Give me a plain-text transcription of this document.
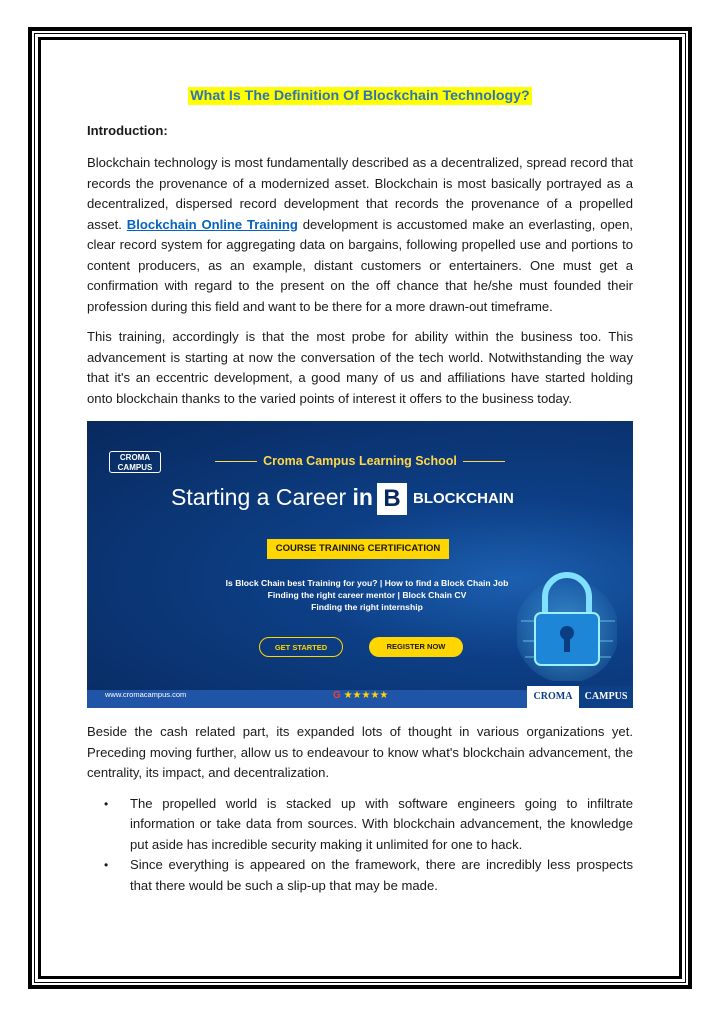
What Is The Definition Of Blockchain Technology?
Introduction:

Blockchain technology is most fundamentally described as a decentralized, spread record that records the provenance of a modernized asset. Blockchain is most basically portrayed as a decentralized, dispersed record development that records the provenance of a propelled asset. Blockchain Online Training development is accustomed make an everlasting, open, clear record system for aggregating data on bargains, following propelled use and portions to content producers, as an example, distant customers or entertainers. One must get a confirmation with regard to the present on the off chance that he/she must founded their profession during this field and want to be there for a more drawn-out timeframe.

This training, accordingly is that the most probe for ability within the business too. This advancement is starting at now the conversation of the tech world. Notwithstanding the way that it's an eccentric development, a good many of us and affiliations have started holding onto blockchain thanks to the varied points of interest it offers to the business today.

CROMA CAMPUS	Croma Campus Learning School
Starting a Career in B BLOCKCHAIN
COURSE TRAINING CERTIFICATION
Is Block Chain best Training for you? | How to find a Block Chain Job
Finding the right career mentor | Block Chain CV
Finding the right internship
GET STARTED	REGISTER NOW
www.cromacampus.com	G ★★★★★	CROMA	CAMPUS

Beside the cash related part, its expanded lots of thought in various organizations yet. Preceding moving further, allow us to endeavour to know what's blockchain advancement, the centrality, its impact, and decentralization.

• The propelled world is stacked up with software engineers going to infiltrate information or take data from sources. With blockchain advancement, the knowledge put aside has incredible security making it unlimited for one to hack.
• Since everything is appeared on the framework, there are incredibly less prospects that there would be such a slip-up that may be made.
